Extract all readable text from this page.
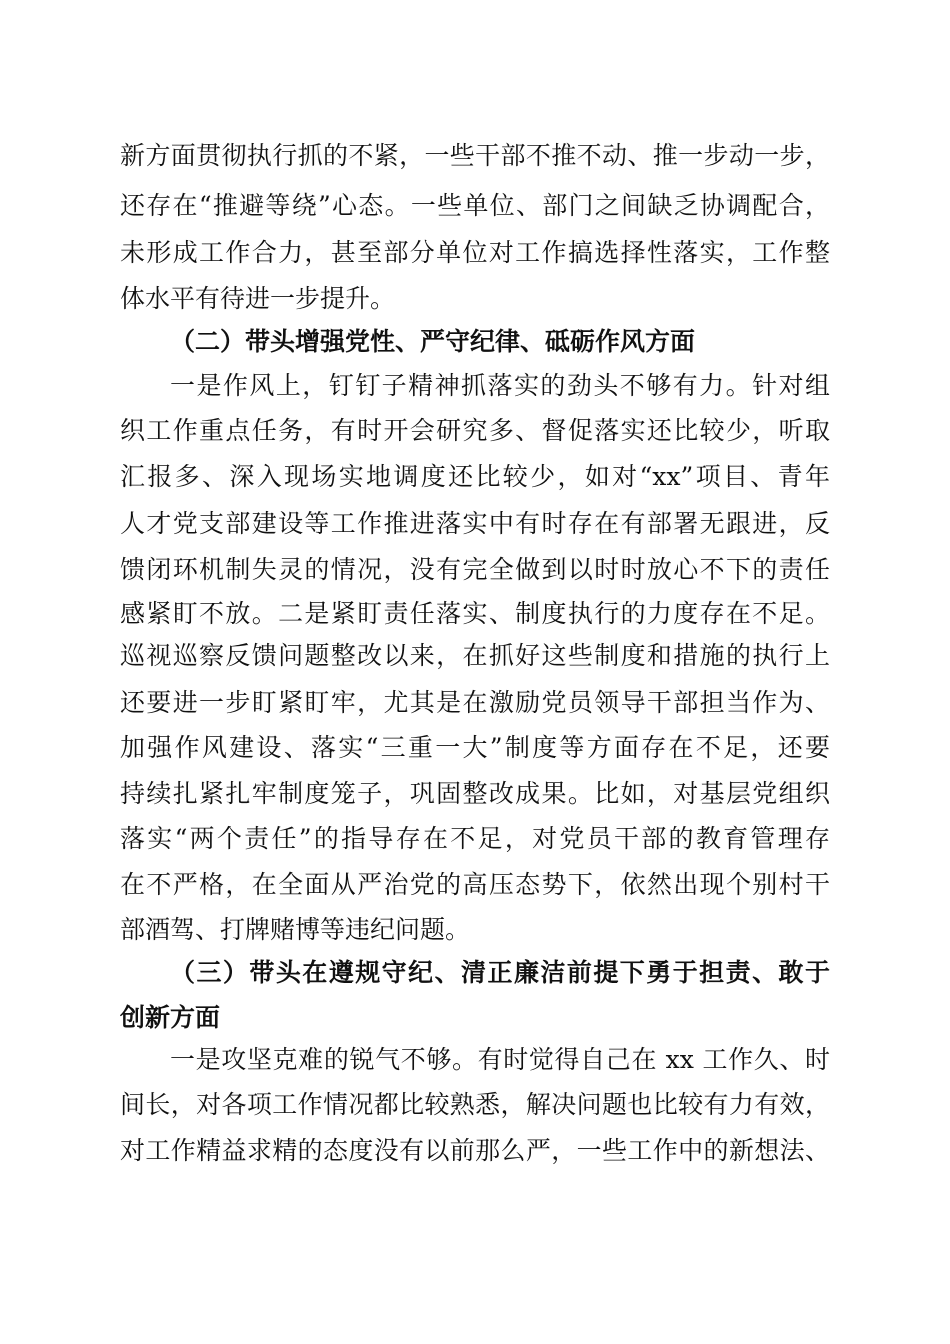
新方面贯彻执行抓的不紧，一些干部不推不动、推一步动一步，
还存在“推避等绕”心态。一些单位、部门之间缺乏协调配合，
未形成工作合力，甚至部分单位对工作搞选择性落实，工作整
体水平有待进一步提升。
（二）带头增强党性、严守纪律、砥砺作风方面
一是作风上，钉钉子精神抓落实的劲头不够有力。针对组
织工作重点任务，有时开会研究多、督促落实还比较少，听取
汇报多、深入现场实地调度还比较少，如对“xx”项目、青年
人才党支部建设等工作推进落实中有时存在有部署无跟进，反
馈闭环机制失灵的情况，没有完全做到以时时放心不下的责任
感紧盯不放。二是紧盯责任落实、制度执行的力度存在不足。
巡视巡察反馈问题整改以来，在抓好这些制度和措施的执行上
还要进一步盯紧盯牢，尤其是在激励党员领导干部担当作为、
加强作风建设、落实“三重一大”制度等方面存在不足，还要
持续扎紧扎牢制度笼子，巩固整改成果。比如，对基层党组织
落实“两个责任”的指导存在不足，对党员干部的教育管理存
在不严格，在全面从严治党的高压态势下，依然出现个别村干
部酒驾、打牌赌博等违纪问题。
（三）带头在遵规守纪、清正廉洁前提下勇于担责、敢于
创新方面
一是攻坚克难的锐气不够。有时觉得自己在 xx 工作久、时
间长，对各项工作情况都比较熟悉，解决问题也比较有力有效，
对工作精益求精的态度没有以前那么严，一些工作中的新想法、
